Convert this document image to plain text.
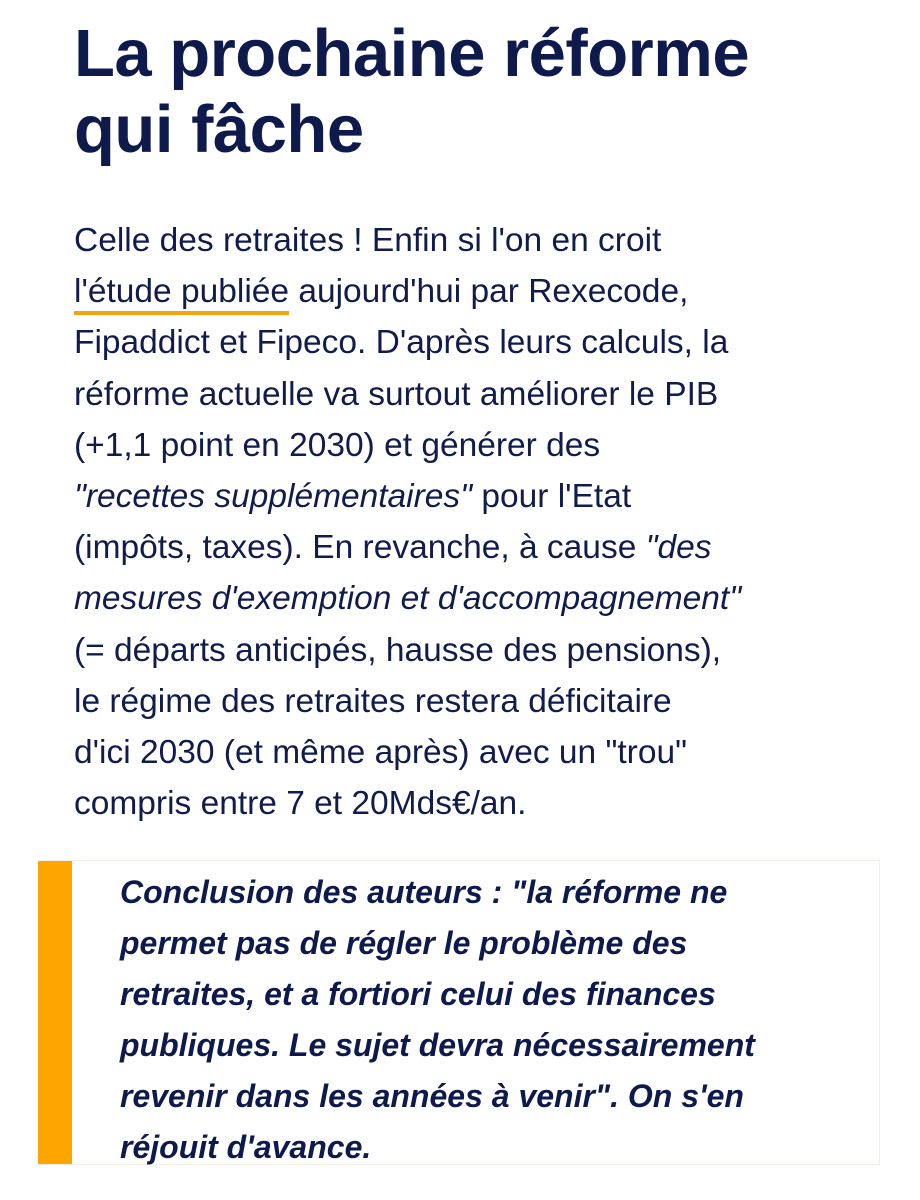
La prochaine réforme
qui fâche

Celle des retraites ! Enfin si l'on en croit
l'étude publiée aujourd'hui par Rexecode,
Fipaddict et Fipeco. D'après leurs calculs, la
réforme actuelle va surtout améliorer le PIB
(+1,1 point en 2030) et générer des
"recettes supplémentaires" pour l'Etat
(impôts, taxes). En revanche, à cause "des
mesures d'exemption et d'accompagnement"
(= départs anticipés, hausse des pensions),
le régime des retraites restera déficitaire
d'ici 2030 (et même après) avec un "trou"
compris entre 7 et 20Mds€/an.

Conclusion des auteurs : "la réforme ne
permet pas de régler le problème des
retraites, et a fortiori celui des finances
publiques. Le sujet devra nécessairement
revenir dans les années à venir". On s'en
réjouit d'avance.
